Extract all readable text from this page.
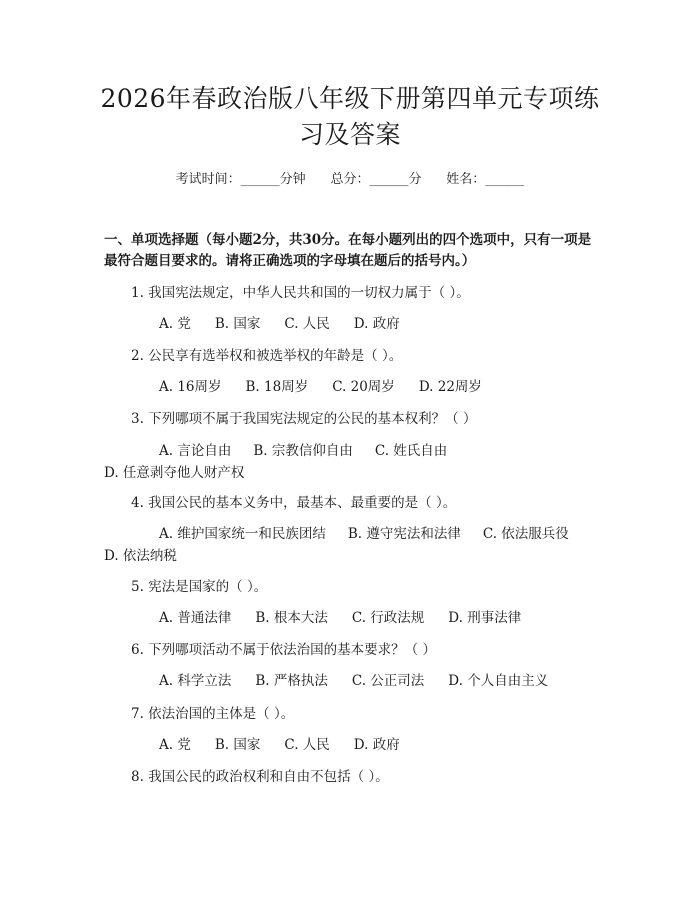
2026年春政治版八年级下册第四单元专项练
习及答案
考试时间：______分钟 总分：______分 姓名：______
一、单项选择题（每小题2分，共30分。在每小题列出的四个选项中，只有一项是最符合题目要求的。请将正确选项的字母填在题后的括号内。）
1. 我国宪法规定，中华人民共和国的一切权力属于（ ）。
A. 党 B. 国家 C. 人民 D. 政府
2. 公民享有选举权和被选举权的年龄是（ ）。
A. 16周岁 B. 18周岁 C. 20周岁 D. 22周岁
3. 下列哪项不属于我国宪法规定的公民的基本权利？（ ）
A. 言论自由 B. 宗教信仰自由 C. 姓氏自由D. 任意剥夺他人财产权
4. 我国公民的基本义务中，最基本、最重要的是（ ）。
A. 维护国家统一和民族团结 B. 遵守宪法和法律 C. 依法服兵役D. 依法纳税
5. 宪法是国家的（ ）。
A. 普通法律 B. 根本大法 C. 行政法规 D. 刑事法律
6. 下列哪项活动不属于依法治国的基本要求？（ ）
A. 科学立法 B. 严格执法 C. 公正司法 D. 个人自由主义
7. 依法治国的主体是（ ）。
A. 党 B. 国家 C. 人民 D. 政府
8. 我国公民的政治权利和自由不包括（ ）。
